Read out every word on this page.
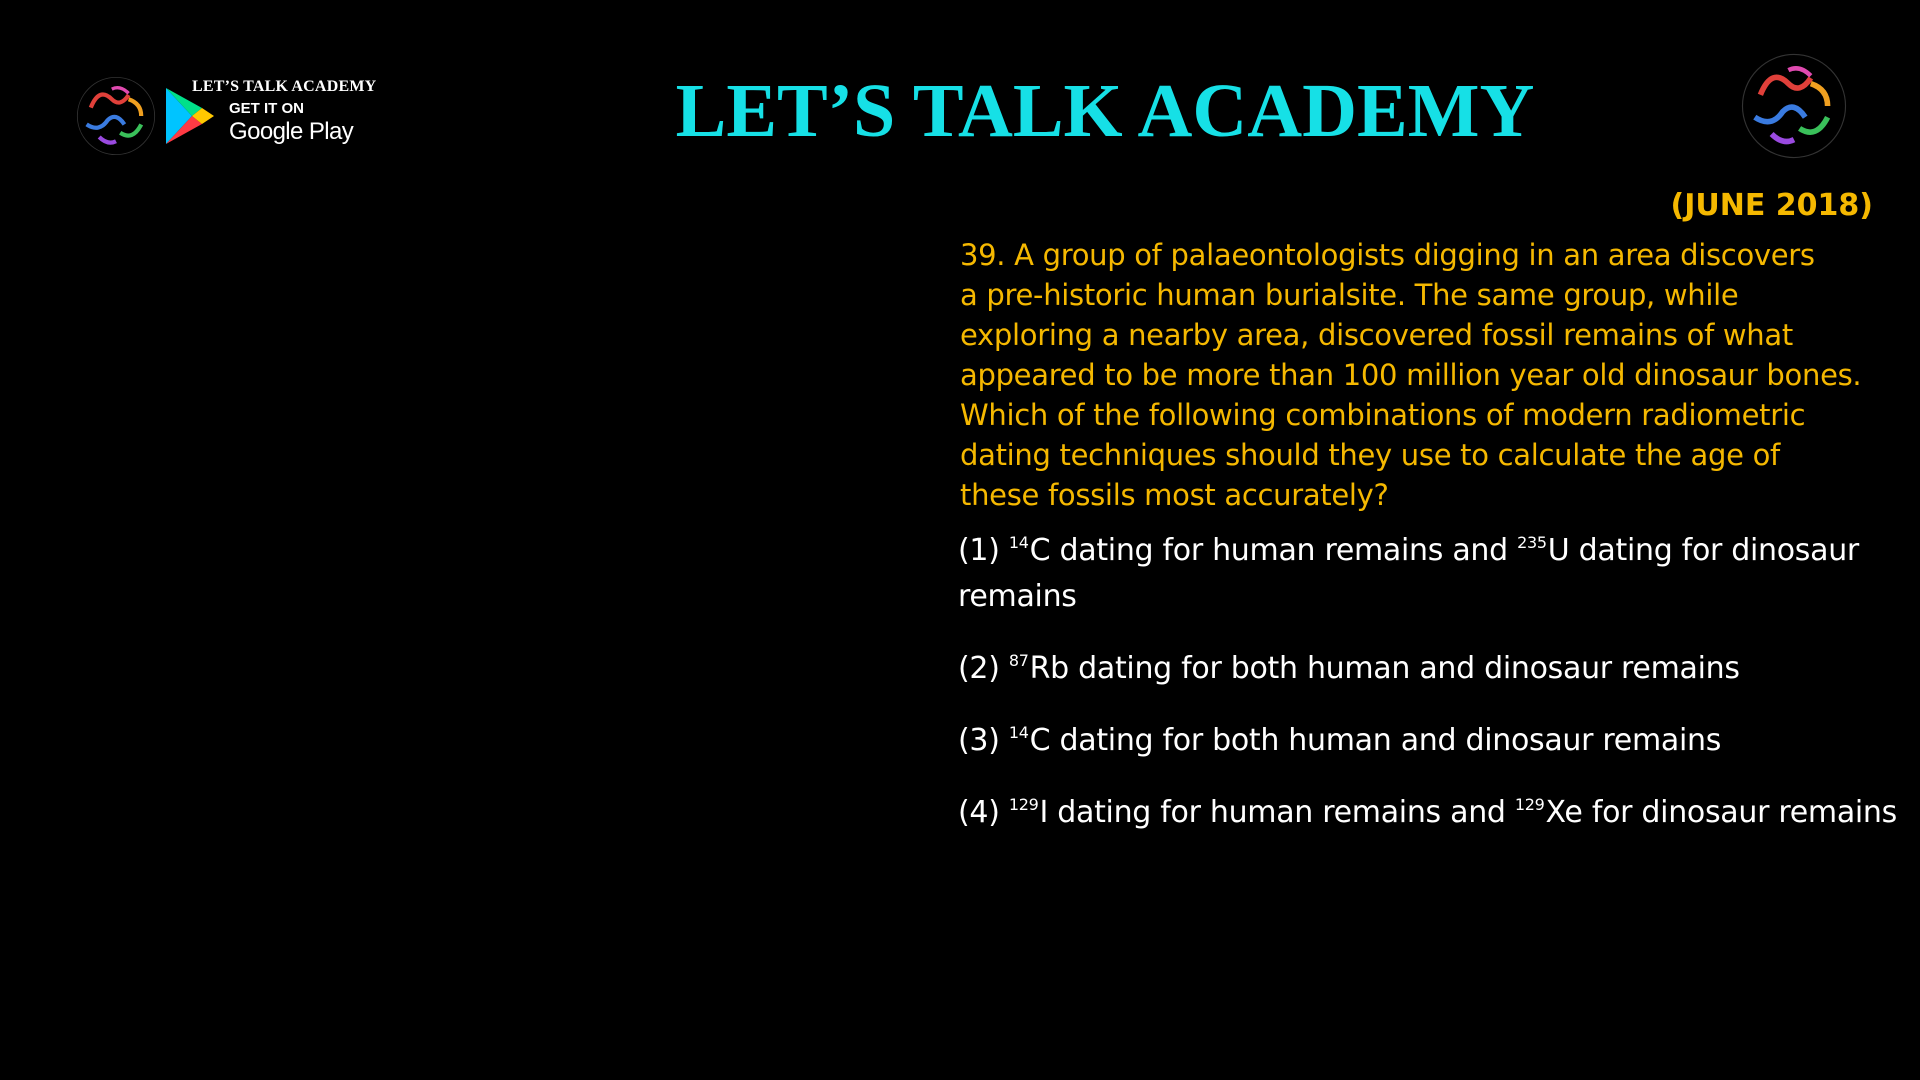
LET’S TALK ACADEMY
GET IT ON
Google Play	LET’S TALK ACADEMY
(JUNE 2018)
39. A group of palaeontologists digging in an area discovers
a pre-historic human burialsite. The same group, while
exploring a nearby area, discovered fossil remains of what
appeared to be more than 100 million year old dinosaur bones.
Which of the following combinations of modern radiometric
dating techniques should they use to calculate the age of
these fossils most accurately?
(1) $^{14}$C dating for human remains and $^{235}$U dating for dinosaur
remains
(2) $^{87}$Rb dating for both human and dinosaur remains
(3) $^{14}$C dating for both human and dinosaur remains
(4) $^{129}$I dating for human remains and $^{129}$Xe for dinosaur remains
